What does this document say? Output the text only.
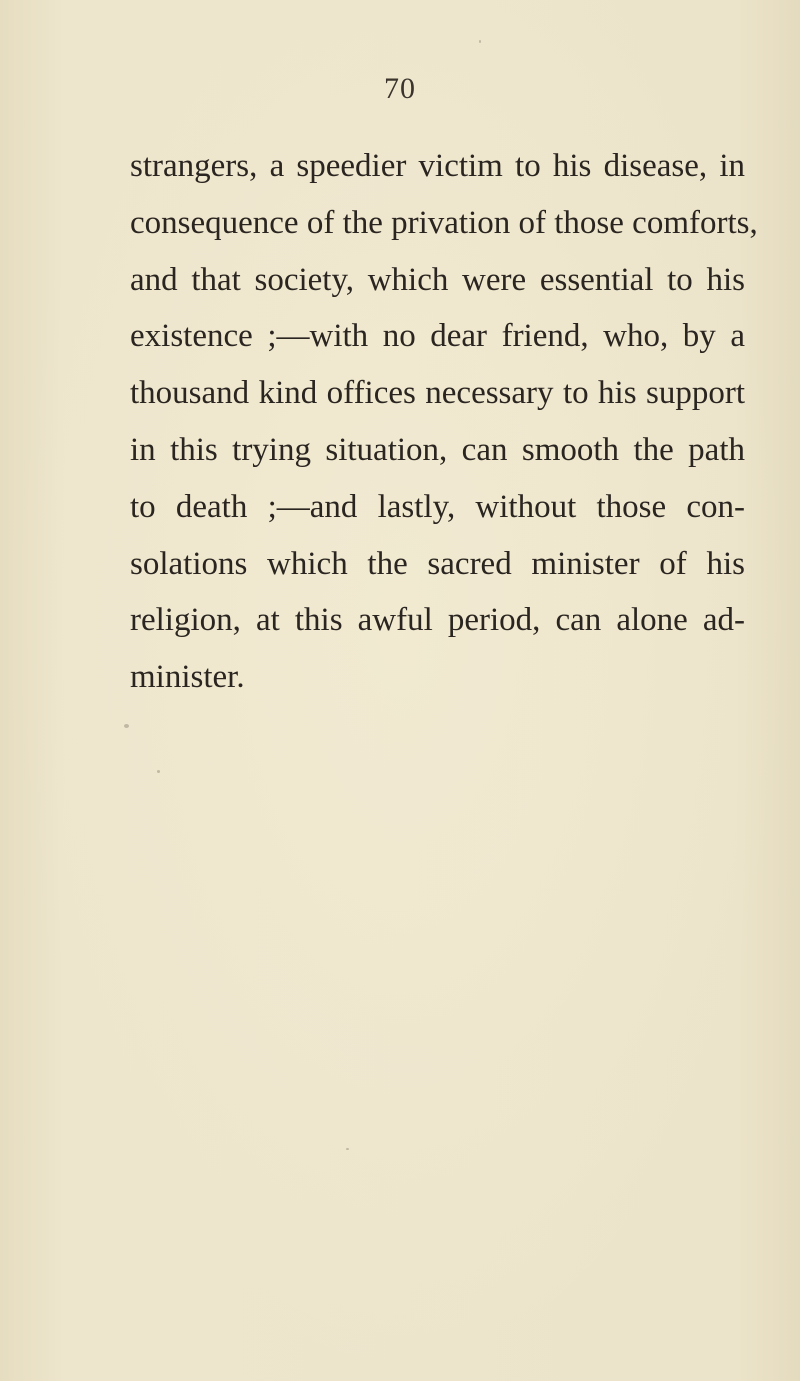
70
strangers, a speedier victim to his disease, in
consequence of the privation of those comforts,
and that society, which were essential to his
existence ;—with no dear friend, who, by a
thousand kind offices necessary to his support
in this trying situation, can smooth the path
to death ;—and lastly, without those con-
solations which the sacred minister of his
religion, at this awful period, can alone ad-
minister.
